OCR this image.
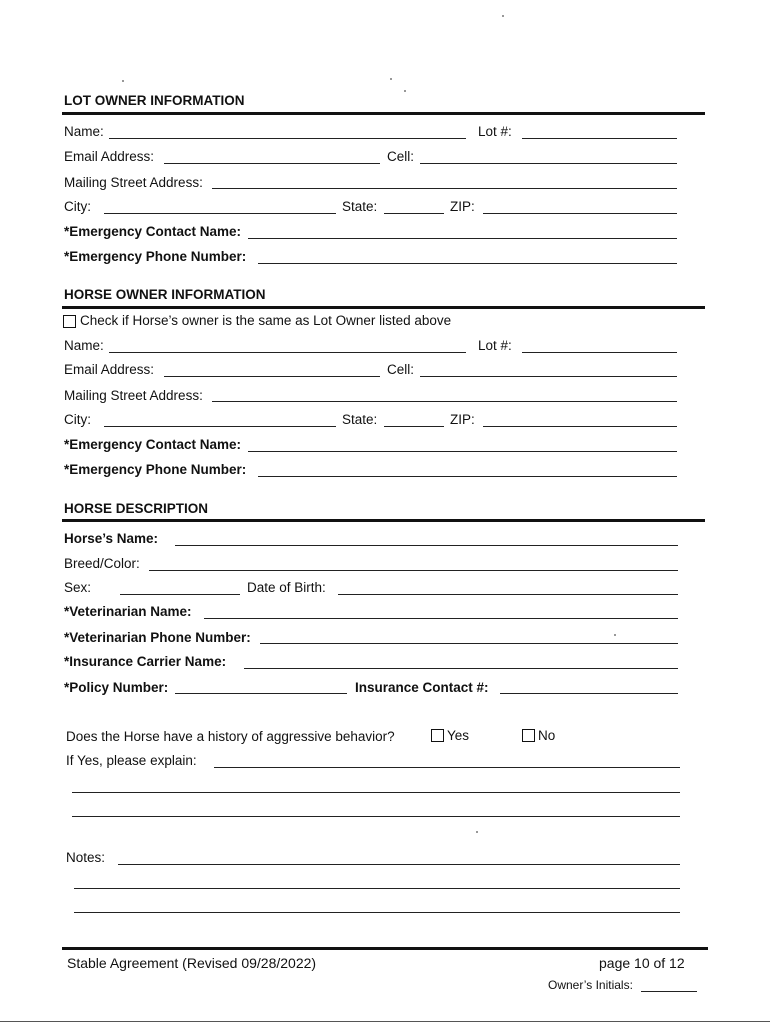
LOT OWNER INFORMATION
Name:	Lot #:
Email Address:	Cell:
Mailing Street Address:
City:	State:	ZIP:
*Emergency Contact Name:
*Emergency Phone Number:
HORSE OWNER INFORMATION
Check if Horse’s owner is the same as Lot Owner listed above
Name:	Lot #:
Email Address:	Cell:
Mailing Street Address:
City:	State:	ZIP:
*Emergency Contact Name:
*Emergency Phone Number:
HORSE DESCRIPTION
Horse’s Name:
Breed/Color:
Sex:	Date of Birth:
*Veterinarian Name:
*Veterinarian Phone Number:
*Insurance Carrier Name:
*Policy Number:	Insurance Contact #:
Does the Horse have a history of aggressive behavior?	Yes	No
If Yes, please explain:
Notes:
Stable Agreement (Revised 09/28/2022)	page 10 of 12
Owner’s Initials:
